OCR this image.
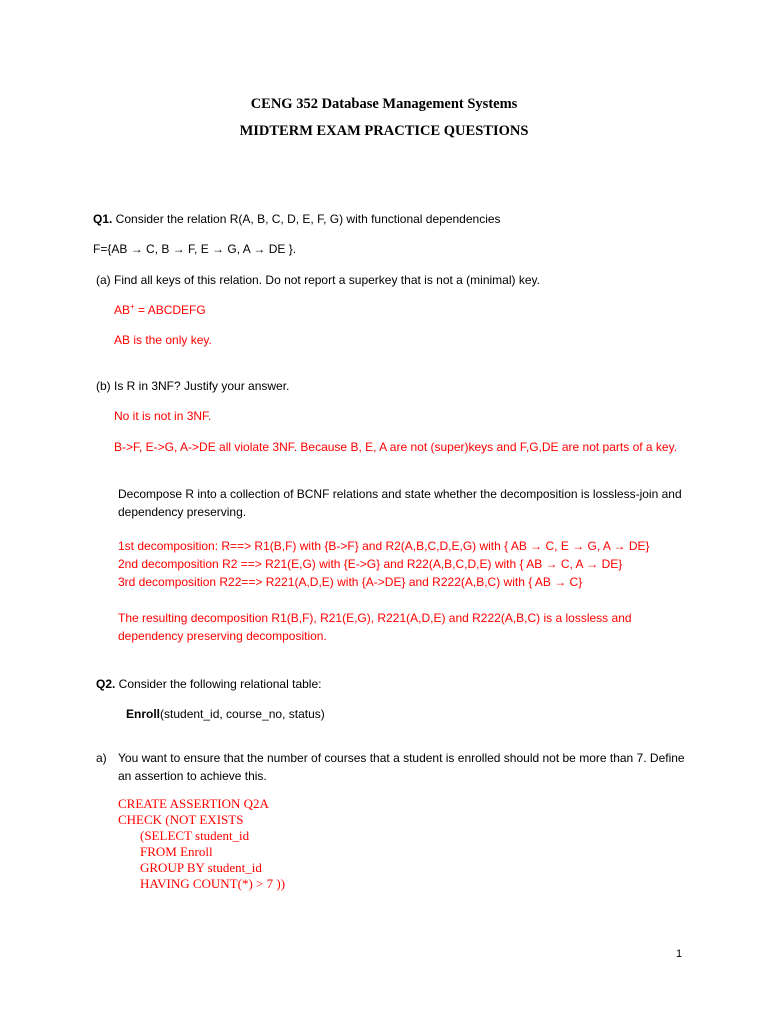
CENG 352 Database Management Systems
MIDTERM EXAM PRACTICE QUESTIONS
Q1. Consider the relation R(A, B, C, D, E, F, G) with functional dependencies
F={AB → C, B → F, E → G, A → DE }.
(a) Find all keys of this relation. Do not report a superkey that is not a (minimal) key.
AB+ = ABCDEFG
AB is the only key.
(b) Is R in 3NF? Justify your answer.
No it is not in 3NF.
B->F, E->G, A->DE all violate 3NF. Because B, E, A are not (super)keys and F,G,DE are not parts of a key.
Decompose R into a collection of BCNF relations and state whether the decomposition is lossless-join and
dependency preserving.
1st decomposition: R==> R1(B,F) with {B->F} and R2(A,B,C,D,E,G) with { AB → C, E → G, A → DE}
2nd decomposition R2 ==> R21(E,G) with {E->G} and R22(A,B,C,D,E) with { AB → C, A → DE}
3rd decomposition R22==> R221(A,D,E) with {A->DE} and R222(A,B,C) with { AB → C}
The resulting decomposition R1(B,F), R21(E,G), R221(A,D,E) and R222(A,B,C) is a lossless and
dependency preserving decomposition.
Q2. Consider the following relational table:
Enroll(student_id, course_no, status)
a) You want to ensure that the number of courses that a student is enrolled should not be more than 7. Define
an assertion to achieve this.
CREATE ASSERTION Q2A
CHECK (NOT EXISTS
(SELECT student_id
FROM Enroll
GROUP BY student_id
HAVING COUNT(*) > 7 ))
1
